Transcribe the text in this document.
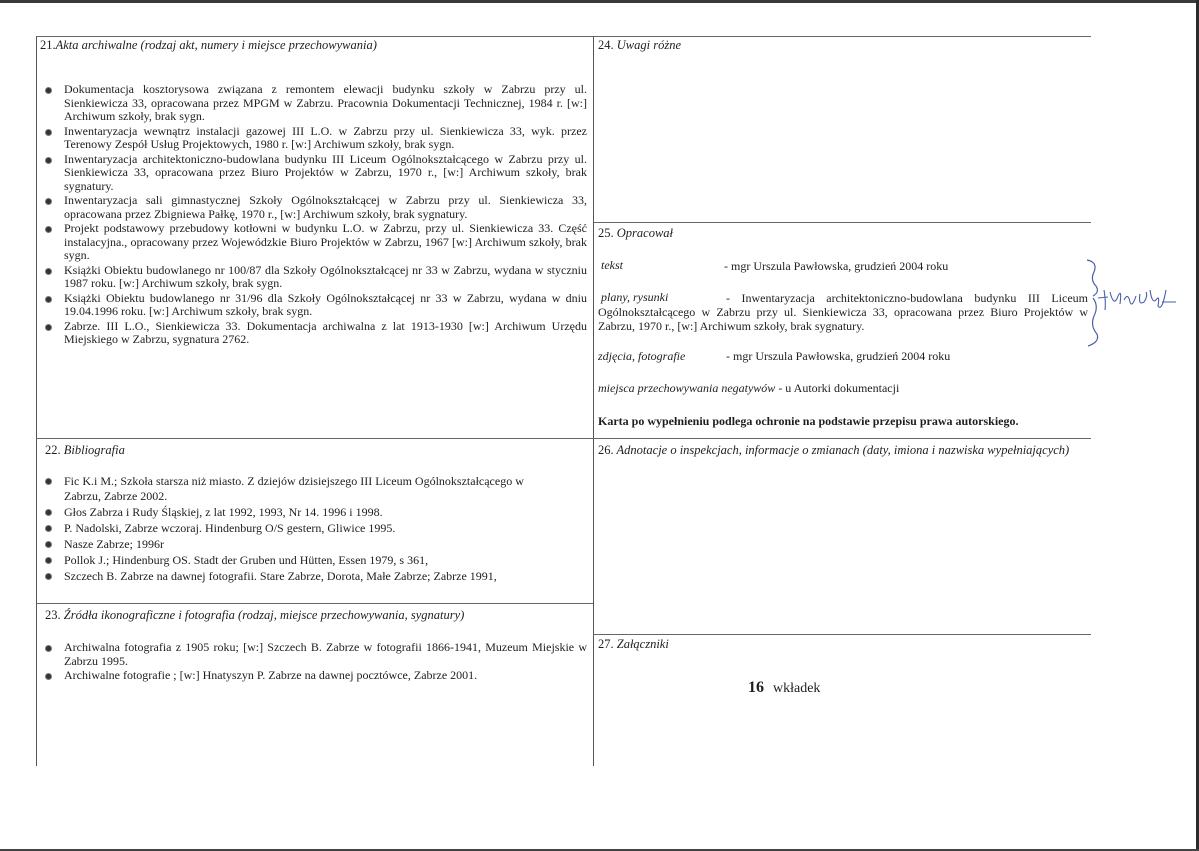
21.Akta archiwalne (rodzaj akt, numery i miejsce przechowywania)
Dokumentacja kosztorysowa związana z remontem elewacji budynku szkoły w Zabrzu przy ul. Sienkiewicza 33, opracowana przez MPGM w Zabrzu. Pracownia Dokumentacji Technicznej, 1984 r. [w:] Archiwum szkoły, brak sygn.
Inwentaryzacja wewnątrz instalacji gazowej III L.O. w Zabrzu przy ul. Sienkiewicza 33, wyk. przez Terenowy Zespół Usług Projektowych, 1980 r. [w:] Archiwum szkoły, brak sygn.
Inwentaryzacja architektoniczno-budowlana budynku III Liceum Ogólnokształcącego w Zabrzu przy ul. Sienkiewicza 33, opracowana przez Biuro Projektów w Zabrzu, 1970 r., [w:] Archiwum szkoły, brak sygnatury.
Inwentaryzacja sali gimnastycznej Szkoły Ogólnokształcącej w Zabrzu przy ul. Sienkiewicza 33, opracowana przez Zbigniewa Pałkę, 1970 r., [w:] Archiwum szkoły, brak sygnatury.
Projekt podstawowy przebudowy kotłowni w budynku L.O. w Zabrzu, przy ul. Sienkiewicza 33. Część instalacyjna., opracowany przez Wojewódzkie Biuro Projektów w Zabrzu, 1967 [w:] Archiwum szkoły, brak sygn.
Książki Obiektu budowlanego nr 100/87 dla Szkoły Ogólnokształcącej nr 33 w Zabrzu, wydana w styczniu 1987 roku. [w:] Archiwum szkoły, brak sygn.
Książki Obiektu budowlanego nr 31/96 dla Szkoły Ogólnokształcącej nr 33 w Zabrzu, wydana w dniu 19.04.1996 roku. [w:] Archiwum szkoły, brak sygn.
Zabrze. III L.O., Sienkiewicza 33. Dokumentacja archiwalna z lat 1913-1930 [w:] Archiwum Urzędu Miejskiego w Zabrzu, sygnatura 2762.
22. Bibliografia
Fic K.i M.; Szkoła starsza niż miasto. Z dziejów dzisiejszego III Liceum Ogólnokształcącego w Zabrzu, Zabrze 2002.
Głos Zabrza i Rudy Śląskiej, z lat 1992, 1993, Nr 14. 1996 i 1998.
P. Nadolski, Zabrze wczoraj. Hindenburg O/S gestern, Gliwice 1995.
Nasze Zabrze; 1996r
Pollok J.; Hindenburg OS. Stadt der Gruben und Hütten, Essen 1979, s 361,
Szczech B. Zabrze na dawnej fotografii. Stare Zabrze, Dorota, Małe Zabrze; Zabrze 1991,
23. Źródła ikonograficzne i fotografia (rodzaj, miejsce przechowywania, sygnatury)
Archiwalna fotografia z 1905 roku; [w:] Szczech B. Zabrze w fotografii 1866-1941, Muzeum Miejskie w Zabrzu 1995.
Archiwalne fotografie ; [w:] Hnatyszyn P. Zabrze na dawnej pocztówce, Zabrze 2001.
24. Uwagi różne
25. Opracował
tekst	- mgr Urszula Pawłowska, grudzień 2004 roku
plany, rysunki	- Inwentaryzacja architektoniczno-budowlana budynku III Liceum
Ogólnokształcącego w Zabrzu przy ul. Sienkiewicza 33, opracowana przez Biuro Projektów w
Zabrzu, 1970 r., [w:] Archiwum szkoły, brak sygnatury.
zdjęcia, fotografie	- mgr Urszula Pawłowska, grudzień 2004 roku
miejsca przechowywania negatywów - u Autorki dokumentacji
Karta po wypełnieniu podlega ochronie na podstawie przepisu prawa autorskiego.
26. Adnotacje o inspekcjach, informacje o zmianach (daty, imiona i nazwiska wypełniających)
27. Załączniki
16 wkładek
